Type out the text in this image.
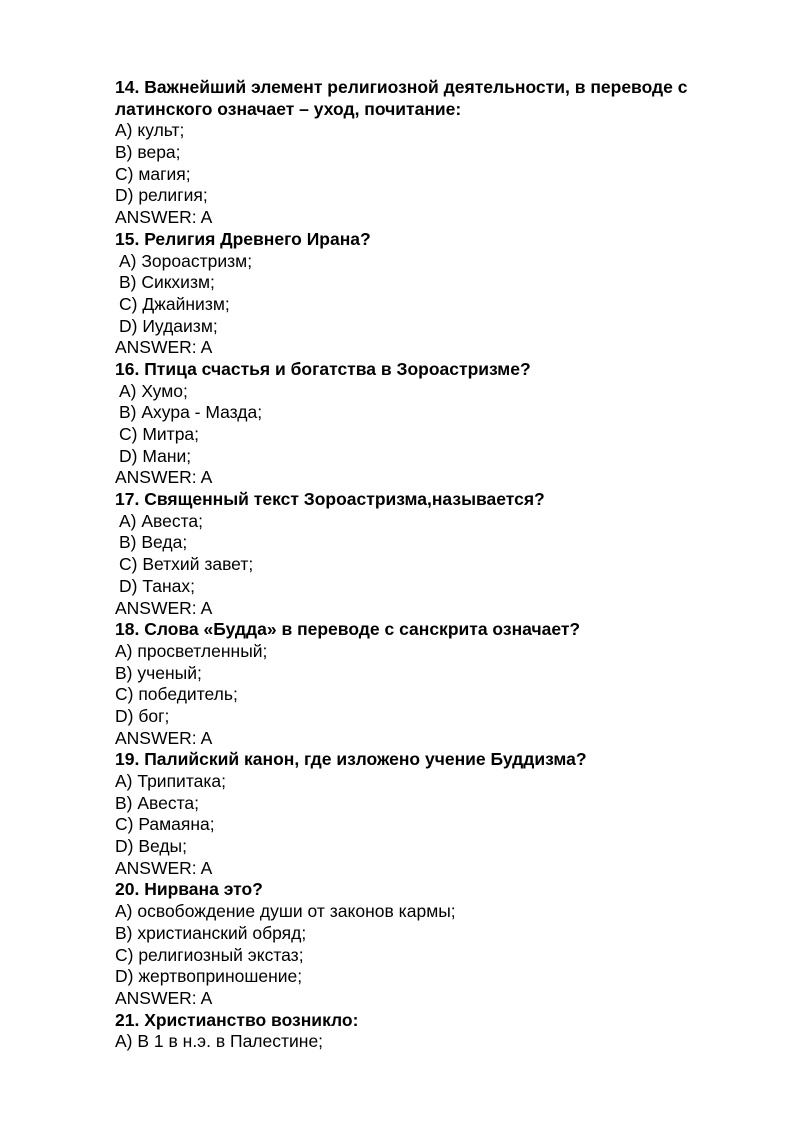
14. Важнейший элемент религиозной деятельности, в переводе с
латинского означает – уход, почитание:
A) культ;
B) вера;
C) магия;
D) религия;
ANSWER: A
15. Религия Древнего Ирана?
A) Зороастризм;
B) Сикхизм;
C) Джайнизм;
D) Иудаизм;
ANSWER: A
16. Птица счастья и богатства в Зороастризме?
A) Хумо;
B) Ахура - Мазда;
C) Митра;
D) Мани;
ANSWER: A
17. Священный текст Зороастризма,называется?
A) Авеста;
B) Веда;
C) Ветхий завет;
D) Танах;
ANSWER: A
18. Слова «Будда» в переводе с санскрита означает?
A) просветленный;
B) ученый;
C) победитель;
D) бог;
ANSWER: A
19. Палийский канон, где изложено учение Буддизма?
A) Трипитака;
B) Авеста;
C) Рамаяна;
D) Веды;
ANSWER: A
20. Нирвана это?
A) освобождение души от законов кармы;
B) христианский обряд;
C) религиозный экстаз;
D) жертвоприношение;
ANSWER: A
21. Христианство возникло:
A) В 1 в н.э. в Палестине;
